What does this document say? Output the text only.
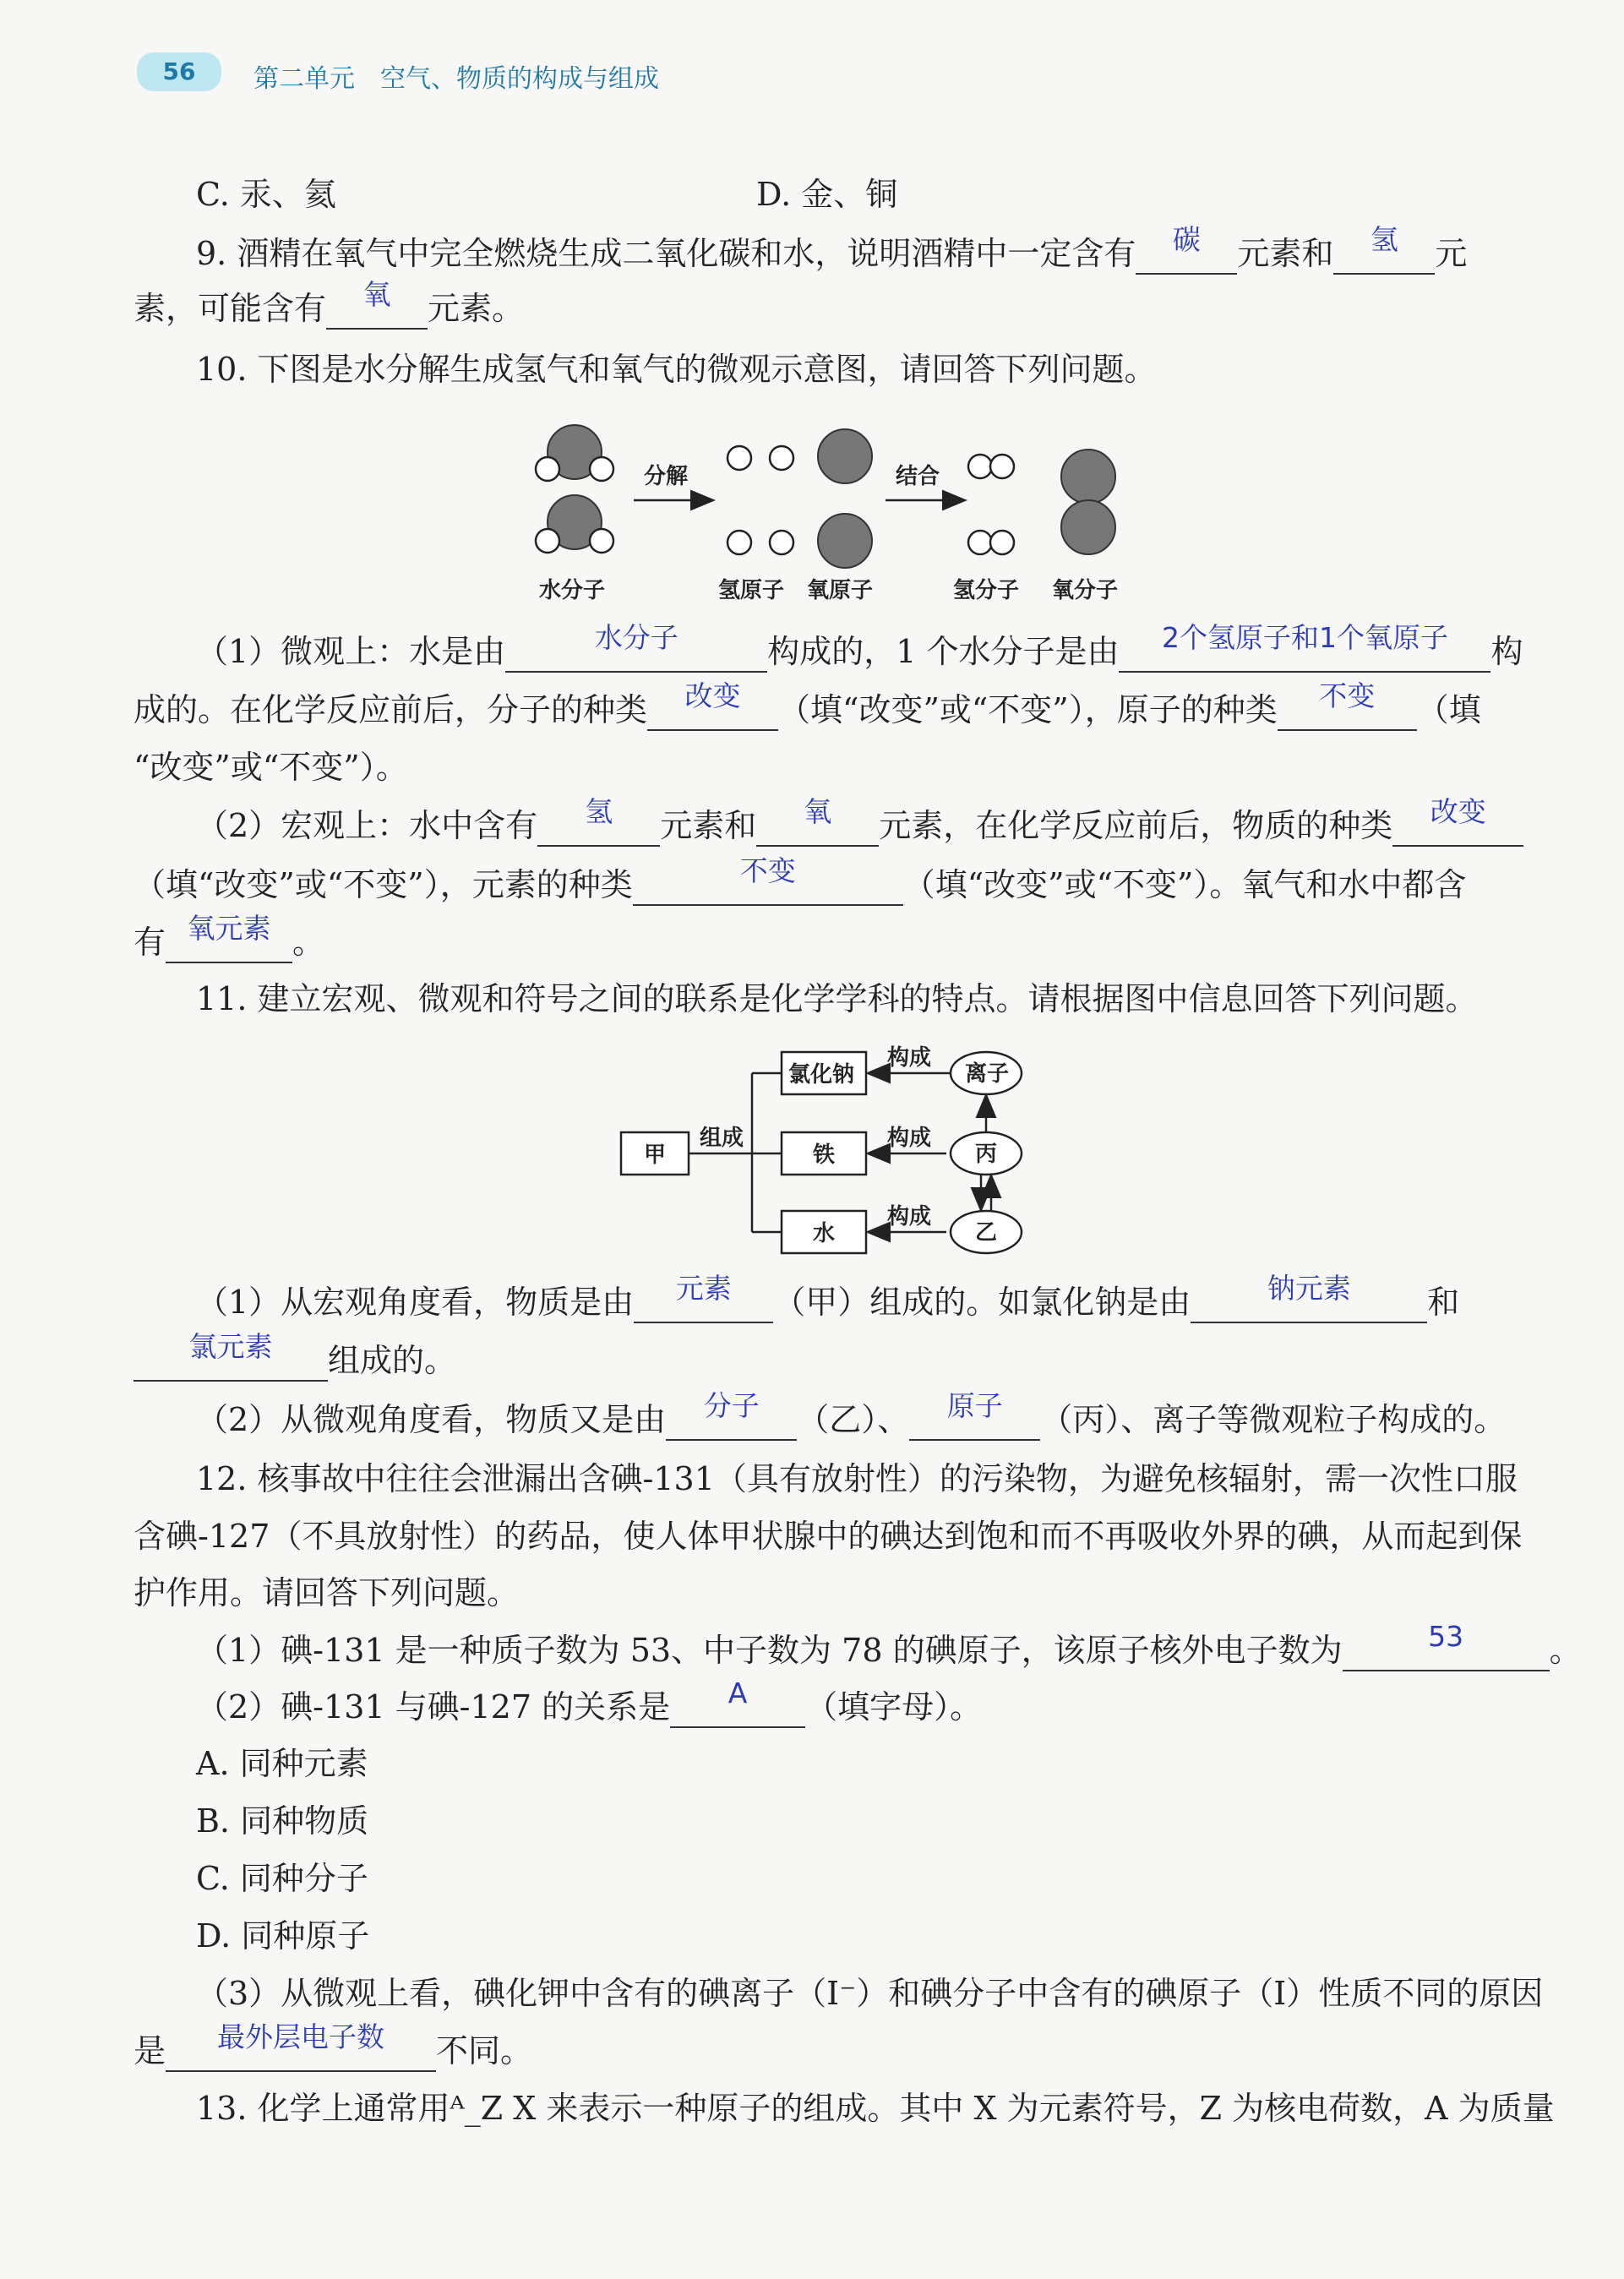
56	第二单元　空气、物质的构成与组成
C. 汞、氦	D. 金、铜
9. 酒精在氧气中完全燃烧生成二氧化碳和水，说明酒精中一定含有	碳	元素和	氢	元
素，可能含有	氧	元素。
10. 下图是水分解生成氢气和氧气的微观示意图，请回答下列问题。
水分子
分解
氢原子 氧原子
结合
氢分子 氧分子
（1）微观上：水是由	水分子	构成的，1 个水分子是由	2个氢原子和1个氧原子	构
成的。在化学反应前后，分子的种类	改变	（填“改变”或“不变”），原子的种类	不变	（填
“改变”或“不变”）。
（2）宏观上：水中含有	氢	元素和	氧	元素，在化学反应前后，物质的种类	改变
（填“改变”或“不变”），元素的种类	不变	（填“改变”或“不变”）。氧气和水中都含
有 氧元素 。
11. 建立宏观、微观和符号之间的联系是化学学科的特点。请根据图中信息回答下列问题。
甲
组成
氯化钠
铁
水
构成
构成
构成
离子
丙
乙
（1）从宏观角度看，物质是由	元素	（甲）组成的。如氯化钠是由	钠元素	和
氯元素	组成的。
（2）从微观角度看，物质又是由	分子	（乙）、	原子	（丙）、离子等微观粒子构成的。
12. 核事故中往往会泄漏出含碘-131（具有放射性）的污染物，为避免核辐射，需一次性口服
含碘-127（不具放射性）的药品，使人体甲状腺中的碘达到饱和而不再吸收外界的碘，从而起到保
护作用。请回答下列问题。
（1）碘-131 是一种质子数为 53、中子数为 78 的碘原子，该原子核外电子数为	53	。
（2）碘-131 与碘-127 的关系是	A	（填字母）。
A. 同种元素
B. 同种物质
C. 同种分子
D. 同种原子
（3）从微观上看，碘化钾中含有的碘离子（I⁻）和碘分子中含有的碘原子（I）性质不同的原因
是	最外层电子数	不同。
13. 化学上通常用ᴬ_Z X 来表示一种原子的组成。其中 X 为元素符号，Z 为核电荷数，A 为质量
